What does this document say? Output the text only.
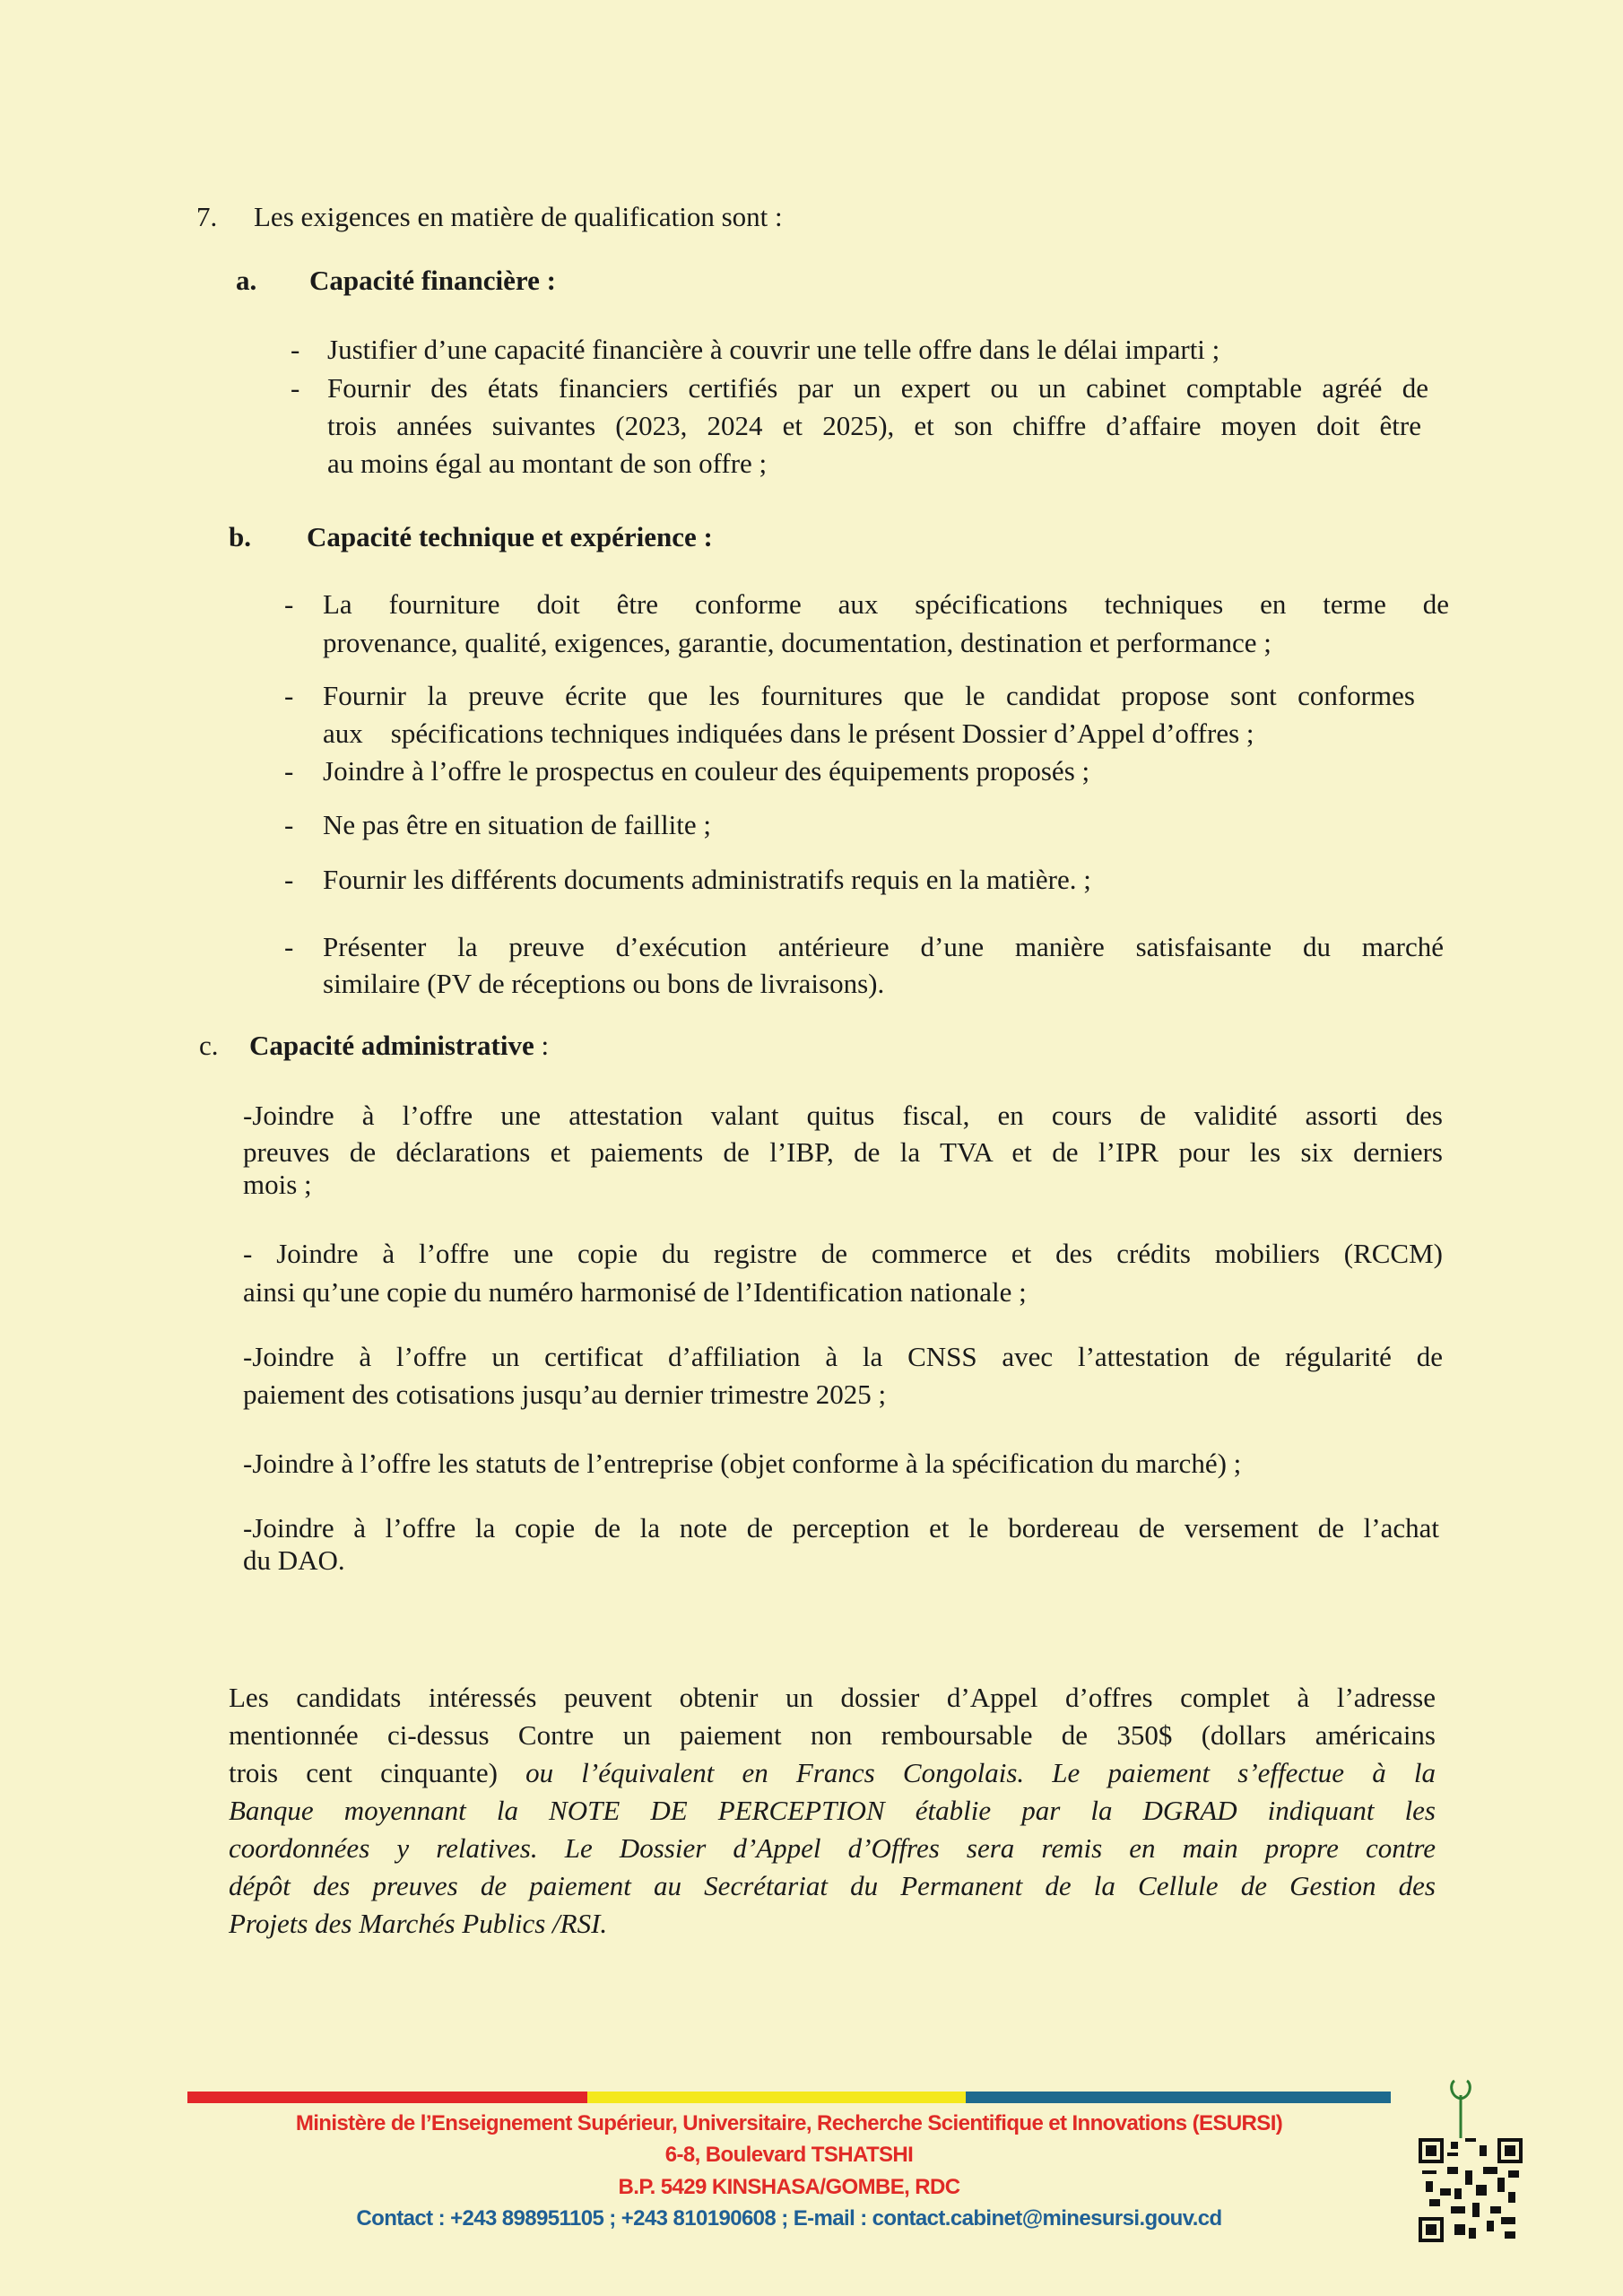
7. Les exigences en matière de qualification sont :
a. Capacité financière :
- Justifier d’une capacité financière à couvrir une telle offre dans le délai imparti ;
- Fournir des états financiers certifiés par un expert ou un cabinet comptable agréé de
trois années suivantes (2023, 2024 et 2025), et son chiffre d’affaire moyen doit être
au moins égal au montant de son offre ;
b. Capacité technique et expérience :
- La fourniture doit être conforme aux spécifications techniques en terme de
provenance, qualité, exigences, garantie, documentation, destination et performance ;
- Fournir la preuve écrite que les fournitures que le candidat propose sont conformes
aux    spécifications techniques indiquées dans le présent Dossier d’Appel d’offres ;
- Joindre à l’offre le prospectus en couleur des équipements proposés ;
- Ne pas être en situation de faillite ;
- Fournir les différents documents administratifs requis en la matière. ;
- Présenter la preuve d’exécution antérieure d’une manière satisfaisante du marché
similaire (PV de réceptions ou bons de livraisons).
c. Capacité administrative :
-Joindre à l’offre une attestation valant quitus fiscal, en cours de validité assorti des
preuves de déclarations et paiements de l’IBP, de la TVA et de l’IPR pour les six derniers
mois ;
- Joindre à l’offre une copie du registre de commerce et des crédits mobiliers (RCCM)
ainsi qu’une copie du numéro harmonisé de l’Identification nationale ;
-Joindre à l’offre un certificat d’affiliation à la CNSS avec l’attestation de régularité de
paiement des cotisations jusqu’au dernier trimestre 2025 ;
-Joindre à l’offre les statuts de l’entreprise (objet conforme à la spécification du marché) ;
-Joindre à l’offre la copie de la note de perception et le bordereau de versement de l’achat
du DAO.
Les candidats intéressés peuvent obtenir un dossier d’Appel d’offres complet à l’adresse
mentionnée ci-dessus Contre un paiement non remboursable de 350$ (dollars américains
trois cent cinquante) ou l’équivalent en Francs Congolais. Le paiement s’effectue à la
Banque moyennant la NOTE DE PERCEPTION établie par la DGRAD indiquant les
coordonnées y relatives. Le Dossier d’Appel d’Offres sera remis en main propre contre
dépôt des preuves de paiement au Secrétariat du Permanent de la Cellule de Gestion des
Projets des Marchés Publics /RSI.
Ministère de l’Enseignement Supérieur, Universitaire, Recherche Scientifique et Innovations (ESURSI)
6-8, Boulevard TSHATSHI
B.P. 5429 KINSHASA/GOMBE, RDC
Contact : +243 898951105 ; +243 810190608 ; E-mail : contact.cabinet@minesursi.gouv.cd
